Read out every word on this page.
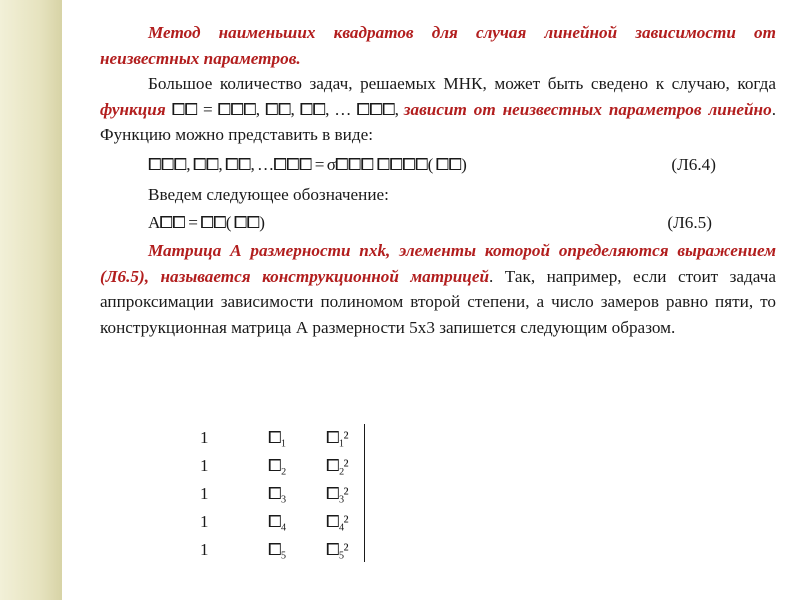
Метод наименьших квадратов для случая линейной зависимости от неизвестных параметров.

Большое количество задач, решаемых МНК, может быть сведено к случаю, когда функция ⧠⧠ = ⧠⧠⧠, ⧠⧠, ⧠⧠, … ⧠⧠⧠, зависит от неизвестных параметров линейно. Функцию можно представить в виде:

⧠⧠⧠, ⧠⧠, ⧠⧠, …⧠⧠⧠ = σ⧠⧠⧠ ⧠⧠⧠⧠( ⧠⧠)	(Л6.4)
Введем следующее обозначение:
A⧠⧠ = ⧠⧠( ⧠⧠)	(Л6.5)

Матрица А размерности nxk, элементы которой определяются выражением (Л6.5), называется конструкционной матрицей. Так, например, если стоит задача аппроксимации зависимости полиномом второй степени, а число замеров равно пяти, то конструкционная матрица А размерности 5x3 запишется следующим образом.

1	⧠₁ ⧠₁²
1	⧠₂ ⧠₂²
1	⧠₃ ⧠₃²
1	⧠₄ ⧠₄²
1	⧠₅ ⧠₅²
